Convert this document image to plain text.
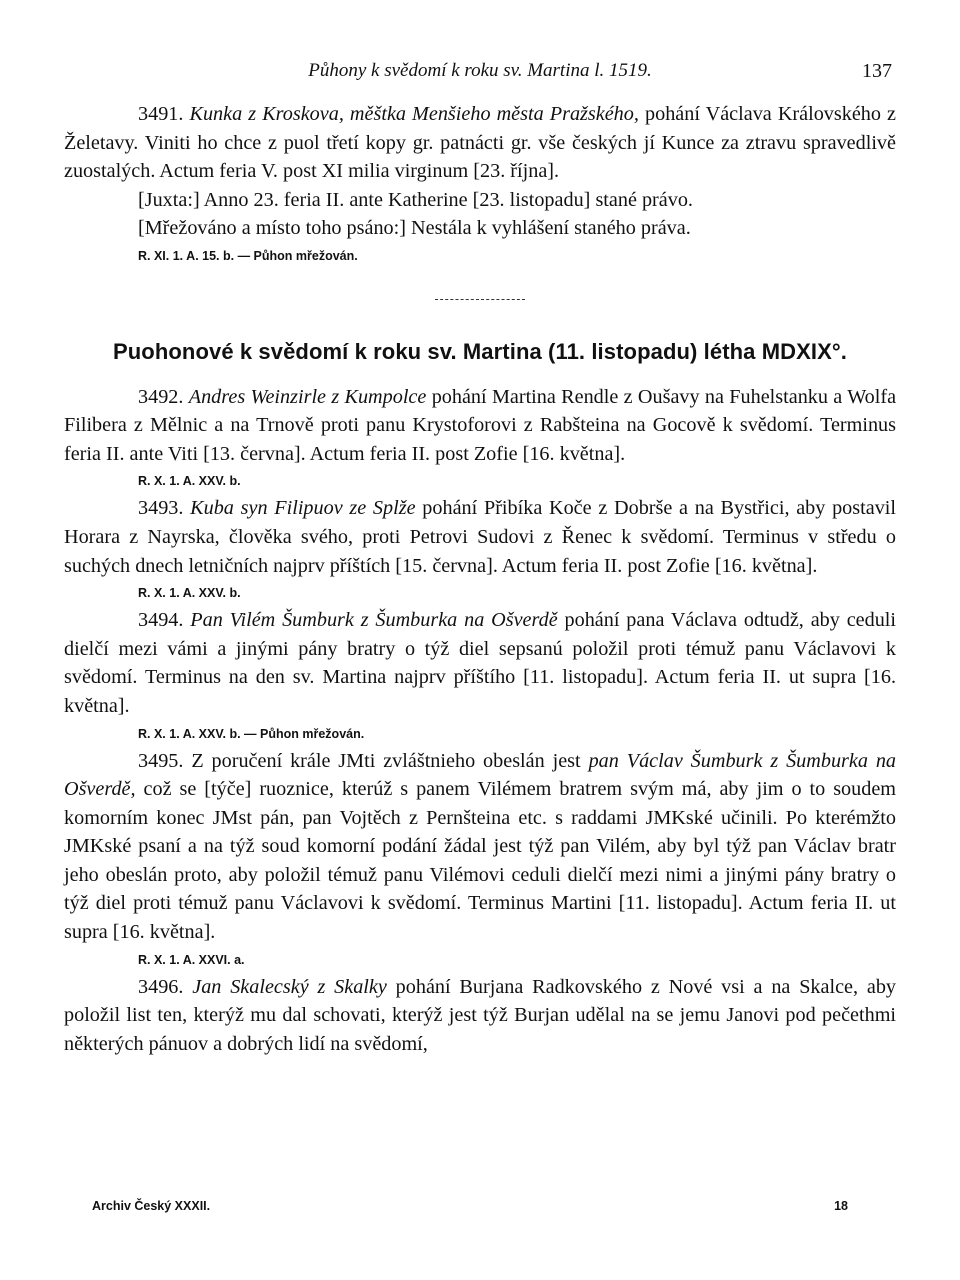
Půhony k svědomí k roku sv. Martina l. 1519.	137

3491. Kunka z Kroskova, měštka Menšieho města Pražského, pohání Václava Královského z Želetavy. Viniti ho chce z puol třetí kopy gr. patnácti gr. vše českých jí Kunce za ztravu spravedlivě zuostalých. Actum feria V. post XI milia virginum [23. října].

[Juxta:] Anno 23. feria II. ante Katherine [23. listopadu] stané právo.

[Mřežováno a místo toho psáno:] Nestála k vyhlášení staného práva.

R. XI. 1. A. 15. b. — Půhon mřežován.

Puohonové k svědomí k roku sv. Martina (11. listopadu) létha MDXIX°.

3492. Andres Weinzirle z Kumpolce pohání Martina Rendle z Oušavy na Fuhelstanku a Wolfa Filibera z Mělnic a na Trnově proti panu Krystoforovi z Rabšteina na Gocově k svědomí. Terminus feria II. ante Viti [13. června]. Actum feria II. post Zofie [16. května].

R. X. 1. A. XXV. b.

3493. Kuba syn Filipuov ze Splže pohání Přibíka Koče z Dobrše a na Bystřici, aby postavil Horara z Nayrska, člověka svého, proti Petrovi Sudovi z Řenec k svědomí. Terminus v středu o suchých dnech letničních najprv příštích [15. června]. Actum feria II. post Zofie [16. května].

R. X. 1. A. XXV. b.

3494. Pan Vilém Šumburk z Šumburka na Ošverdě pohání pana Václava odtudž, aby ceduli dielčí mezi vámi a jinými pány bratry o týž diel sepsanú položil proti témuž panu Václavovi k svědomí. Terminus na den sv. Martina najprv příštího [11. listopadu]. Actum feria II. ut supra [16. května].

R. X. 1. A. XXV. b. — Půhon mřežován.

3495. Z poručení krále JMti zvláštnieho obeslán jest pan Václav Šumburk z Šumburka na Ošverdě, což se [týče] ruoznice, kterúž s panem Vilémem bratrem svým má, aby jim o to soudem komorním konec JMst pán, pan Vojtěch z Pernšteina etc. s raddami JMKské učinili. Po kterémžto JMKské psaní a na týž soud komorní podání žádal jest týž pan Vilém, aby byl týž pan Václav bratr jeho obeslán proto, aby položil témuž panu Vilémovi ceduli dielčí mezi nimi a jinými pány bratry o týž diel proti témuž panu Václavovi k svědomí. Terminus Martini [11. listopadu]. Actum feria II. ut supra [16. května].

R. X. 1. A. XXVI. a.

3496. Jan Skalecský z Skalky pohání Burjana Radkovského z Nové vsi a na Skalce, aby položil list ten, kterýž mu dal schovati, kterýž jest týž Burjan udělal na se jemu Janovi pod pečethmi některých pánuov a dobrých lidí na svědomí,

Archiv Český XXXII.	18
